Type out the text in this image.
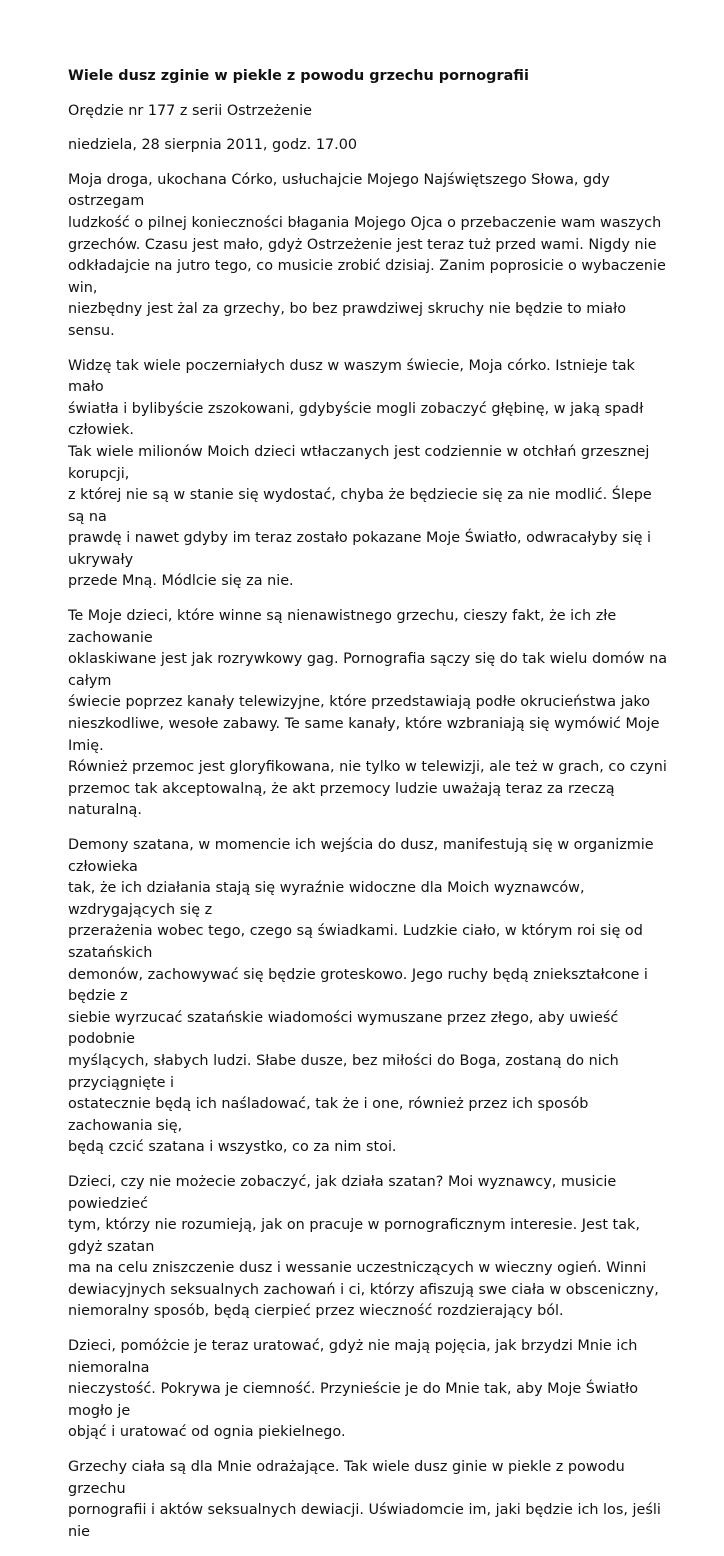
Wiele dusz zginie w piekle z powodu grzechu pornografii
Orędzie nr 177 z serii Ostrzeżenie
niedziela, 28 sierpnia 2011, godz. 17.00
Moja droga, ukochana Córko, usłuchajcie Mojego Najświętszego Słowa, gdy ostrzegam
ludzkość o pilnej konieczności błagania Mojego Ojca o przebaczenie wam waszych
grzechów. Czasu jest mało, gdyż Ostrzeżenie jest teraz tuż przed wami. Nigdy nie
odkładajcie na jutro tego, co musicie zrobić dzisiaj. Zanim poprosicie o wybaczenie win,
niezbędny jest żal za grzechy, bo bez prawdziwej skruchy nie będzie to miało sensu.
Widzę tak wiele poczerniałych dusz w waszym świecie, Moja córko. Istnieje tak mało
światła i bylibyście zszokowani, gdybyście mogli zobaczyć głębinę, w jaką spadł człowiek.
Tak wiele milionów Moich dzieci wtłaczanych jest codziennie w otchłań grzesznej korupcji,
z której nie są w stanie się wydostać, chyba że będziecie się za nie modlić. Ślepe są na
prawdę i nawet gdyby im teraz zostało pokazane Moje Światło, odwracałyby się i ukrywały
przede Mną. Módlcie się za nie.
Te Moje dzieci, które winne są nienawistnego grzechu, cieszy fakt, że ich złe zachowanie
oklaskiwane jest jak rozrywkowy gag. Pornografia sączy się do tak wielu domów na całym
świecie poprzez kanały telewizyjne, które przedstawiają podłe okrucieństwa jako
nieszkodliwe, wesołe zabawy. Te same kanały, które wzbraniają się wymówić Moje Imię.
Również przemoc jest gloryfikowana, nie tylko w telewizji, ale też w grach, co czyni
przemoc tak akceptowalną, że akt przemocy ludzie uważają teraz za rzeczą naturalną.
Demony szatana, w momencie ich wejścia do dusz, manifestują się w organizmie człowieka
tak, że ich działania stają się wyraźnie widoczne dla Moich wyznawców, wzdrygających się z
przerażenia wobec tego, czego są świadkami. Ludzkie ciało, w którym roi się od szatańskich
demonów, zachowywać się będzie groteskowo. Jego ruchy będą zniekształcone i będzie z
siebie wyrzucać szatańskie wiadomości wymuszane przez złego, aby uwieść podobnie
myślących, słabych ludzi. Słabe dusze, bez miłości do Boga, zostaną do nich przyciągnięte i
ostatecznie będą ich naśladować, tak że i one, również przez ich sposób zachowania się,
będą czcić szatana i wszystko, co za nim stoi.
Dzieci, czy nie możecie zobaczyć, jak działa szatan? Moi wyznawcy, musicie powiedzieć
tym, którzy nie rozumieją, jak on pracuje w pornograficznym interesie. Jest tak, gdyż szatan
ma na celu zniszczenie dusz i wessanie uczestniczących w wieczny ogień. Winni
dewiacyjnych seksualnych zachowań i ci, którzy afiszują swe ciała w obsceniczny,
niemoralny sposób, będą cierpieć przez wieczność rozdzierający ból.
Dzieci, pomóżcie je teraz uratować, gdyż nie mają pojęcia, jak brzydzi Mnie ich niemoralna
nieczystość. Pokrywa je ciemność. Przynieście je do Mnie tak, aby Moje Światło mogło je
objąć i uratować od ognia piekielnego.
Grzechy ciała są dla Mnie odrażające. Tak wiele dusz ginie w piekle z powodu grzechu
pornografii i aktów seksualnych dewiacji. Uświadomcie im, jaki będzie ich los, jeśli nie
